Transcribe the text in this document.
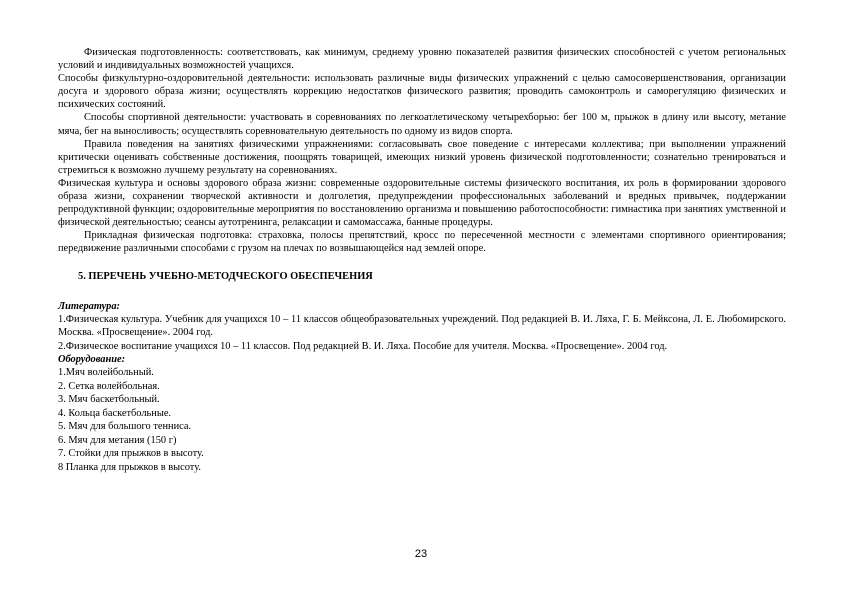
Физическая подготовленность: соответствовать, как минимум, среднему уровню показателей развития физических способностей с учетом региональных условий и индивидуальных возможностей учащихся.

Способы физкультурно-оздоровительной деятельности: использовать различные виды физических упражнений с целью самосовершенствования, организации досуга и здорового образа жизни; осуществлять коррекцию недостатков физического развития; проводить самоконтроль и саморегуляцию физических и психических состояний.

Способы спортивной деятельности: участвовать в соревнованиях по легкоатлетическому четырехборью: бег 100 м, прыжок в длину или высоту, метание мяча, бег на выносливость; осуществлять соревновательную деятельность по одному из видов спорта.

Правила поведения на занятиях физическими упражнениями: согласовывать свое поведение с интересами коллектива; при выполнении упражнений критически оценивать собственные достижения, поощрять товарищей, имеющих низкий уровень физической подготовленности; сознательно тренироваться и стремиться к возможно лучшему результату на соревнованиях.

Физическая культура и основы здорового образа жизни: современные оздоровительные системы физического воспитания, их роль в формировании здорового образа жизни, сохранении творческой активности и долголетия, предупреждении профессиональных заболеваний и вредных привычек, поддержании репродуктивной функции; оздоровительные мероприятия по восстановлению организма и повышению работоспособности: гимнастика при занятиях умственной и физической деятельностью; сеансы аутотренинга, релаксации и самомассажа, банные процедуры.

Прикладная физическая подготовка: страховка, полосы препятствий, кросс по пересеченной местности с элементами спортивного ориентирования; передвижение различными способами с грузом на плечах по возвышающейся над землей опоре.

5. ПЕРЕЧЕНЬ УЧЕБНО-МЕТОДЧЕСКОГО ОБЕСПЕЧЕНИЯ

Литература:

1.Физическая культура. Учебник для учащихся 10 – 11 классов общеобразовательных учреждений. Под редакцией В. И. Ляха, Г. Б. Мейксона, Л. Е. Любомирского. Москва. «Просвещение». 2004 год.

2.Физическое воспитание учащихся 10 – 11 классов. Под редакцией В. И. Ляха. Пособие для учителя. Москва. «Просвещение». 2004 год.

Оборудование:

1.Мяч волейбольный.

2. Сетка волейбольная.

3. Мяч баскетбольный.

4. Кольца баскетбольные.

5. Мяч для большого тенниса.

6. Мяч для метания (150 г)

7. Стойки для прыжков в высоту.

8 Планка для прыжков в высоту.

23
